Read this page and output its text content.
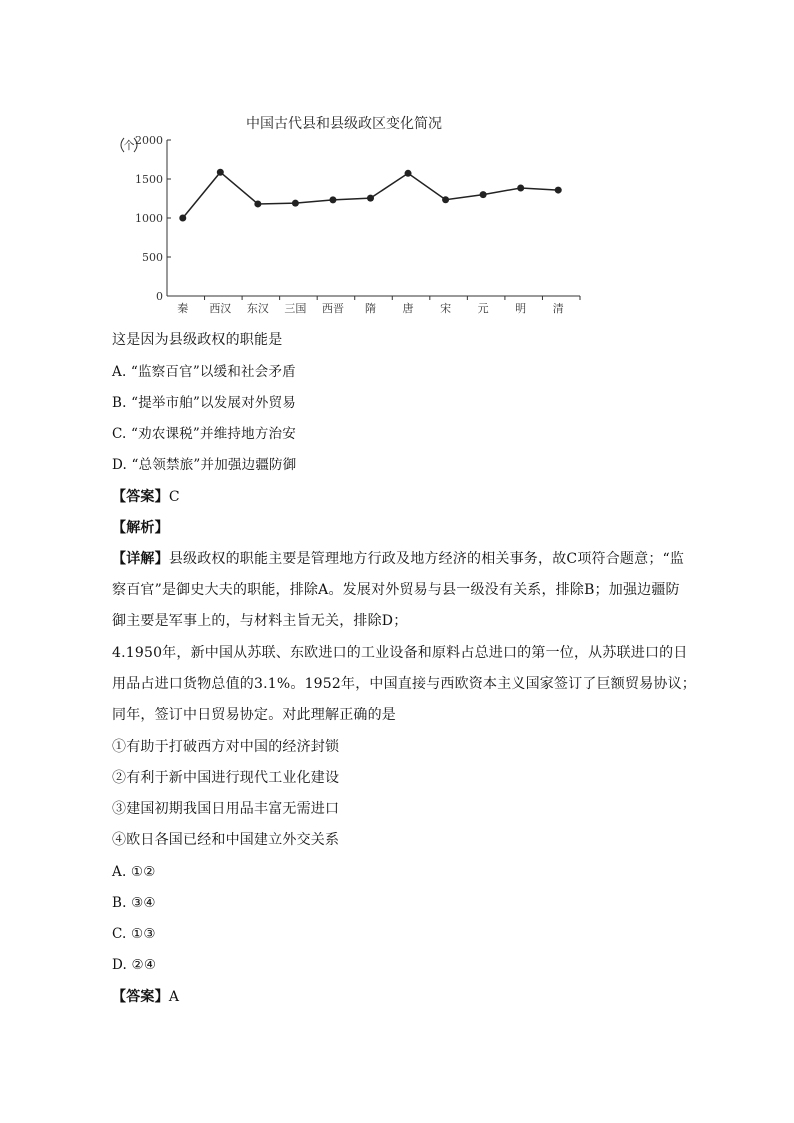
中国古代县和县级政区变化简况
个 2000
1500
1000
500
0
秦 西汉 东汉 三国 西晋 隋 唐 宋 元 明 清
这是因为县级政权的职能是
A. “监察百官”以缓和社会矛盾
B. “提举市舶”以发展对外贸易
C. “劝农课税”并维持地方治安
D. “总领禁旅”并加强边疆防御
【答案】C
【解析】
【详解】县级政权的职能主要是管理地方行政及地方经济的相关事务，故C项符合题意；“监
察百官”是御史大夫的职能，排除A。发展对外贸易与县一级没有关系，排除B；加强边疆防
御主要是军事上的，与材料主旨无关，排除D；
4.1950年，新中国从苏联、东欧进口的工业设备和原料占总进口的第一位，从苏联进口的日
用品占进口货物总值的3.1%。1952年，中国直接与西欧资本主义国家签订了巨额贸易协议；
同年，签订中日贸易协定。对此理解正确的是
①有助于打破西方对中国的经济封锁
②有利于新中国进行现代工业化建设
③建国初期我国日用品丰富无需进口
④欧日各国已经和中国建立外交关系
A. ①②
B. ③④
C. ①③
D. ②④
【答案】A
